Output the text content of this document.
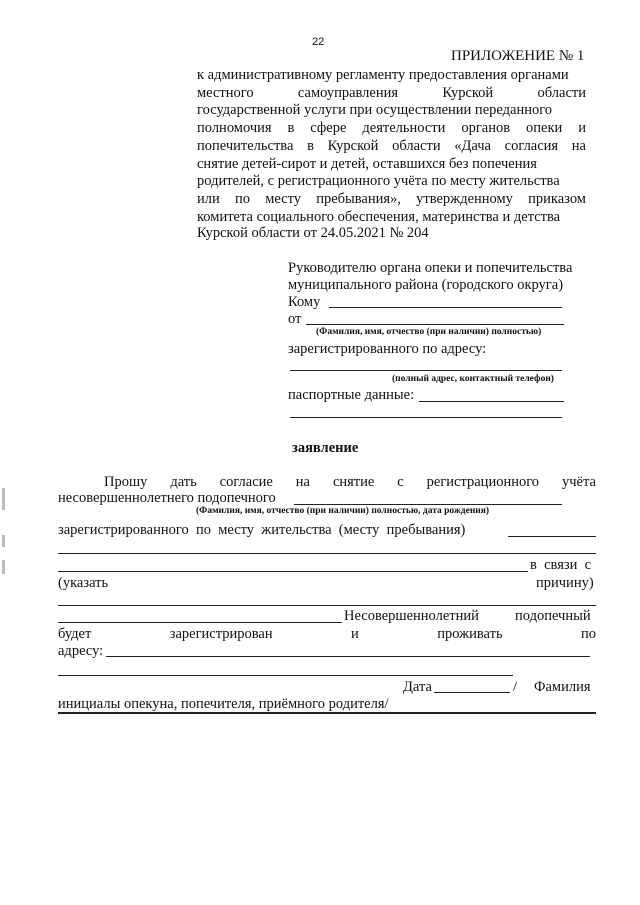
22
ПРИЛОЖЕНИЕ № 1
к административному регламенту предоставления органами
местного	самоуправления	Курской	области
государственной услуги при осуществлении переданного
полномочия в сфере деятельности органов опеки и
попечительства в Курской области «Дача согласия на
снятие детей-сирот и детей, оставшихся без попечения
родителей, с регистрационного учёта по месту жительства
или по месту пребывания», утвержденному приказом
комитета социального обеспечения, материнства и детства
Курской области от 24.05.2021 № 204
Руководителю органа опеки и попечительства
муниципального района (городского округа)
Кому
от
(Фамилия, имя, отчество (при наличии) полностью)
зарегистрированного по адресу:
(полный адрес, контактный телефон)
паспортные данные:
заявление
Прошу дать согласие на снятие с регистрационного учёта
несовершеннолетнего подопечного
(Фамилия, имя, отчество (при наличии) полностью, дата рождения)
зарегистрированного  по  месту  жительства  (месту  пребывания)
в  связи  с
(указать	причину)
Несовершеннолетний подопечный
будет	зарегистрирован	и	проживать	по
адресу:
Дата	/ Фамилия
инициалы опекуна, попечителя, приёмного родителя/
